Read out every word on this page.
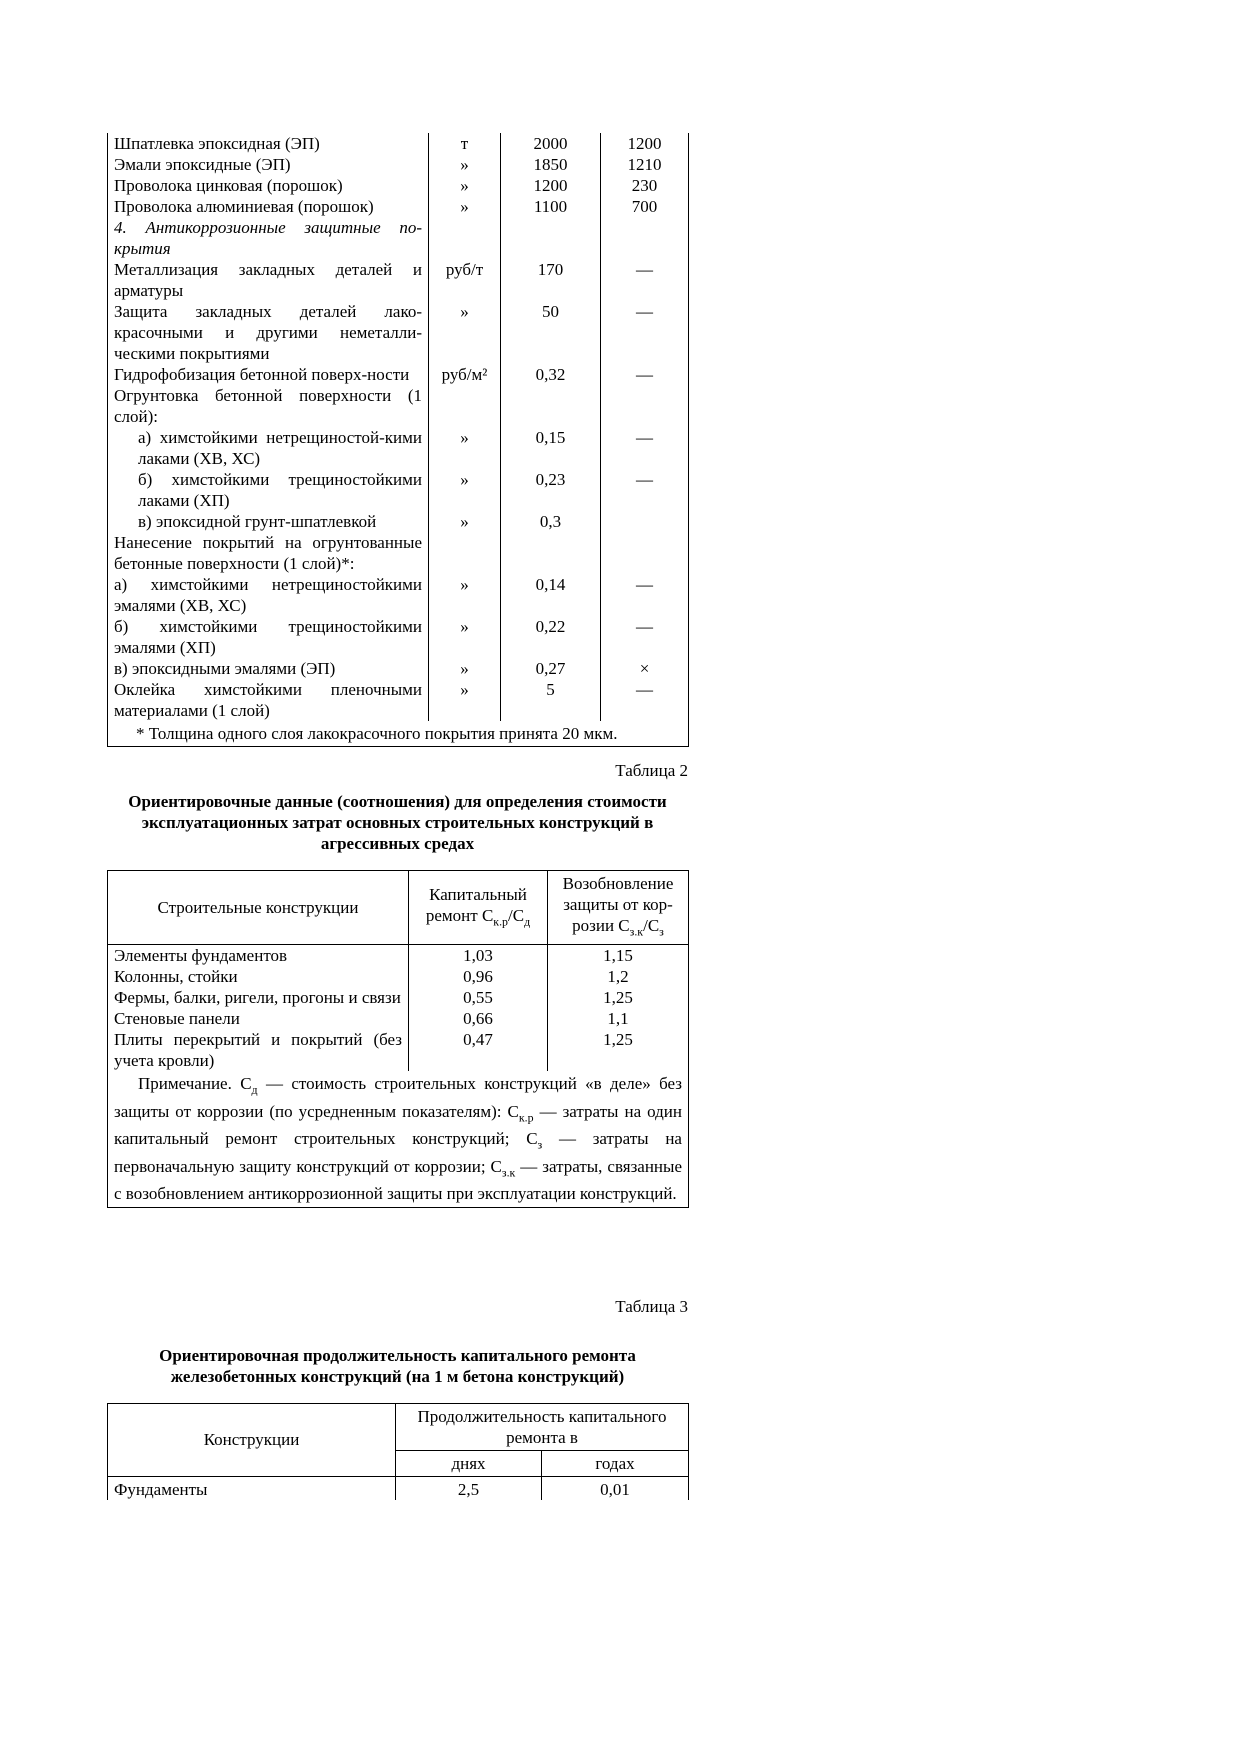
Шпатлевка эпоксидная (ЭП)	т	2000	1200
Эмали эпоксидные (ЭП)	»	1850	1210
Проволока цинковая (порошок)	»	1200	230
Проволока алюминиевая (порошок)	»	1100	700
4. Антикоррозионные защитные по-крытия			
Металлизация закладных деталей и арматуры	руб/т	170	—
Защита закладных деталей лако-красочными и другими неметалли-ческими покрытиями	»	50	—
Гидрофобизация бетонной поверх-ности	руб/м²	0,32	—
Огрунтовка бетонной поверхности (1 слой):			
а) химстойкими нетрещиностой-кими лаками (ХВ, ХС)	»	0,15	—
б) химстойкими трещиностойкими лаками (ХП)	»	0,23	—
в) эпоксидной грунт-шпатлевкой	»	0,3	
Нанесение покрытий на огрунтованные бетонные поверхности (1 слой)*:			
а) химстойкими нетрещиностойкими эмалями (ХВ, ХС)	»	0,14	—
б) химстойкими трещиностойкими эмалями (ХП)	»	0,22	—
в) эпоксидными эмалями (ЭП)	»	0,27	×
Оклейка химстойкими пленочными материалами (1 слой)	»	5	—
* Толщина одного слоя лакокрасочного покрытия принята 20 мкм.			
Таблица 2
Ориентировочные данные (соотношения) для определения стоимости эксплуатационных затрат основных строительных конструкций в агрессивных средах
Строительные конструкции	Капитальный ремонт $С_{к.р}/С_д$	Возобновление защиты от кор-розии $С_{з.к}/С_з$
Элементы фундаментов	1,03	1,15
Колонны, стойки	0,96	1,2
Фермы, балки, ригели, прогоны и связи	0,55	1,25
Стеновые панели	0,66	1,1
Плиты перекрытий и покрытий (без учета кровли)	0,47	1,25
Примечание. $С_д$ — стоимость строительных конструкций «в деле» без защиты от коррозии (по усредненным показателям): $С_{к.р}$ — затраты на один капитальный ремонт строительных конструкций; $С_з$ — затраты на первоначальную защиту конструкций от коррозии; $С_{з.к}$ — затраты, связанные с возобновлением антикоррозионной защиты при эксплуатации конструкций.		
Таблица 3
Ориентировочная продолжительность капитального ремонта железобетонных конструкций (на 1 м бетона конструкций)
Конструкции	Продолжительность капитального ремонта в	
	днях	годах
Фундаменты	2,5	0,01
